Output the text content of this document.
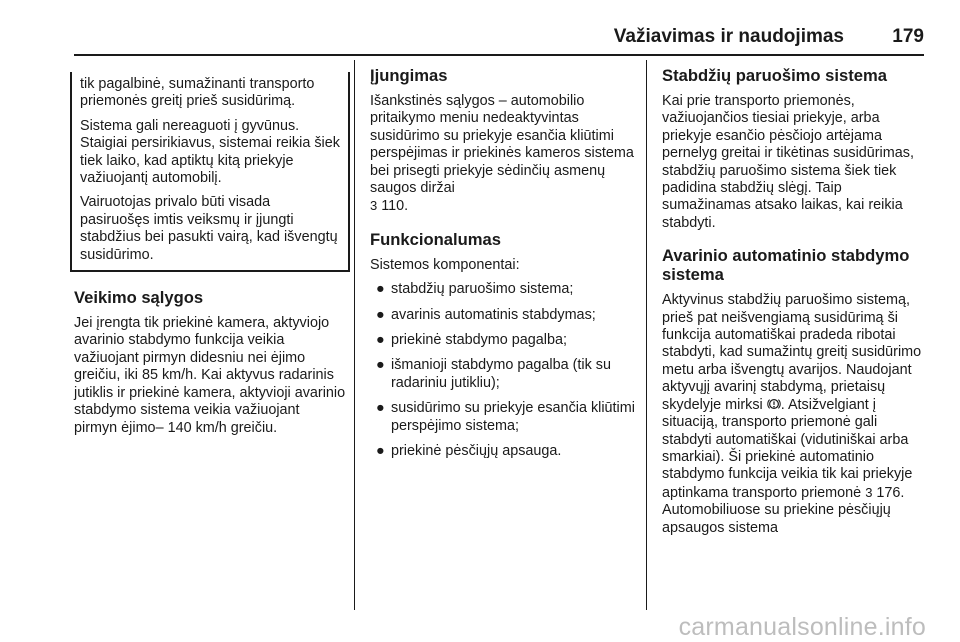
Važiavimas ir naudojimas	179

tik pagalbinė, sumažinanti transporto priemonės greitį prieš susidūrimą.

Sistema gali nereaguoti į gyvūnus. Staigiai persirikiavus, sistemai reikia šiek tiek laiko, kad aptiktų kitą priekyje važiuojantį automobilį.

Vairuotojas privalo būti visada pasiruošęs imtis veiksmų ir įjungti stabdžius bei pasukti vairą, kad išvengtų susidūrimo.

Veikimo sąlygos

Jei įrengta tik priekinė kamera, aktyviojo avarinio stabdymo funkcija veikia važiuojant pirmyn didesniu nei ėjimo greičiu, iki 85 km/h. Kai aktyvus radarinis jutiklis ir priekinė kamera, aktyvioji avarinio stabdymo sistema veikia važiuojant pirmyn ėjimo– 140 km/h greičiu.

Įjungimas

Išankstinės sąlygos – automobilio pritaikymo meniu nedeaktyvintas susidūrimo su priekyje esančia kliūtimi perspėjimas ir priekinės kameros sistema bei prisegti priekyje sėdinčių asmenų saugos diržai
3 110.

Funkcionalumas

Sistemos komponentai:

● stabdžių paruošimo sistema;
● avarinis automatinis stabdymas;
● priekinė stabdymo pagalba;
● išmanioji stabdymo pagalba (tik su radariniu jutikliu);
● susidūrimo su priekyje esančia kliūtimi perspėjimo sistema;
● priekinė pėsčiųjų apsauga.
Stabdžių paruošimo sistema

Kai prie transporto priemonės, važiuojančios tiesiai priekyje, arba priekyje esančio pėsčiojo artėjama pernelyg greitai ir tikėtinas susidūrimas, stabdžių paruošimo sistema šiek tiek padidina stabdžių slėgį. Taip sumažinamas atsako laikas, kai reikia stabdyti.

Avarinio automatinio stabdymo sistema

Aktyvinus stabdžių paruošimo sistemą, prieš pat neišvengiamą susidūrimą ši funkcija automatiškai pradeda ribotai stabdyti, kad sumažintų greitį susidūrimo metu arba išvengtų avarijos. Naudojant aktyvųjį avarinį stabdymą, prietaisų skydelyje mirksi . Atsižvelgiant į situaciją, transporto priemonė gali stabdyti automatiškai (vidutiniškai arba smarkiai). Ši priekinė automatinio stabdymo funkcija veikia tik kai priekyje aptinkama transporto priemonė 3 176. Automobiliuose su priekine pėsčiųjų apsaugos sistema

carmanualsonline.info
